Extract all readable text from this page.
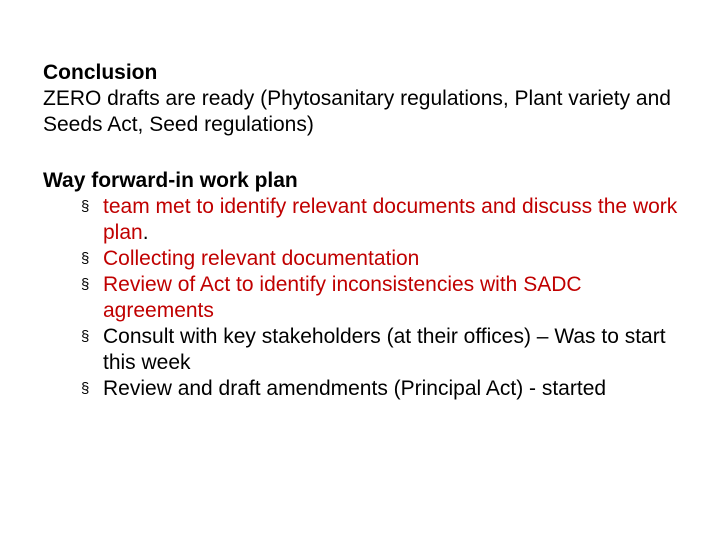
Conclusion

ZERO drafts are ready (Phytosanitary regulations, Plant variety and Seeds Act, Seed regulations)

Way forward-in work plan

§ team met to identify relevant documents and discuss the work plan.
§ Collecting relevant documentation
§ Review of Act to identify inconsistencies with SADC agreements
§ Consult with key stakeholders (at their offices) – Was to start this week
§ Review and draft amendments (Principal Act) - started
